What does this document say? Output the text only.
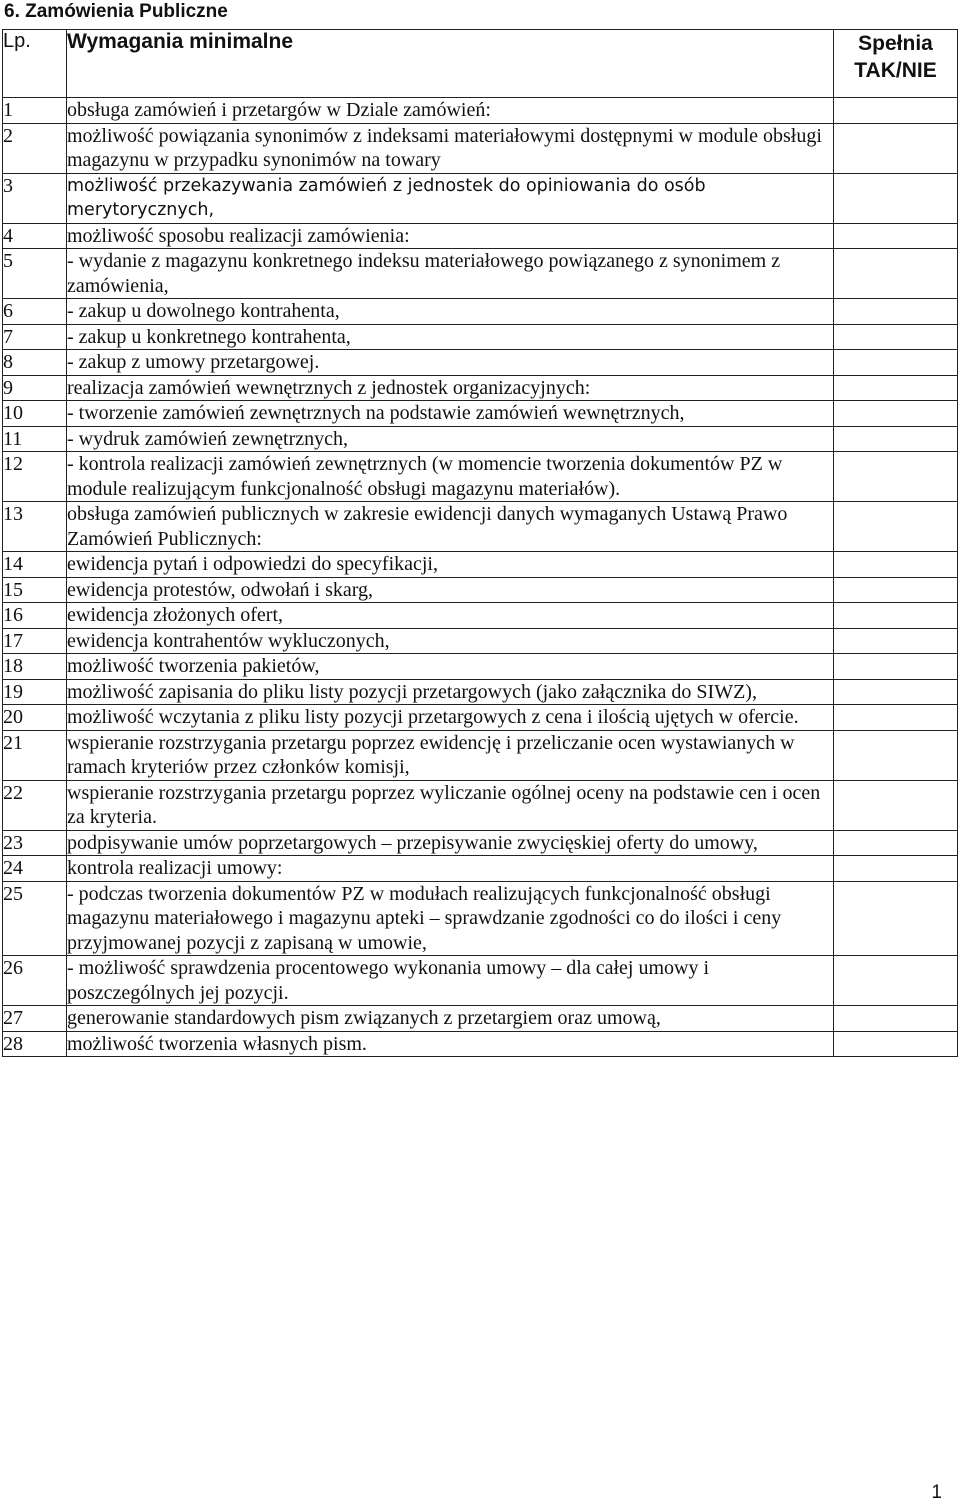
6. Zamówienia Publiczne
Lp.	Wymagania minimalne	Spełnia TAK/NIE
1	obsługa zamówień i przetargów w Dziale zamówień:	
2	możliwość powiązania synonimów z indeksami materiałowymi dostępnymi w module obsługi magazynu w przypadku synonimów na towary	
3	możliwość przekazywania zamówień z jednostek do opiniowania do osób merytorycznych,	
4	możliwość sposobu realizacji zamówienia:	
5	- wydanie z magazynu konkretnego indeksu materiałowego powiązanego z synonimem z zamówienia,	
6	- zakup u dowolnego kontrahenta,	
7	- zakup u konkretnego kontrahenta,	
8	- zakup z umowy przetargowej.	
9	realizacja zamówień wewnętrznych z jednostek organizacyjnych:	
10	- tworzenie zamówień zewnętrznych na podstawie zamówień wewnętrznych,	
11	- wydruk zamówień zewnętrznych,	
12	- kontrola realizacji zamówień zewnętrznych (w momencie tworzenia dokumentów PZ w module realizującym funkcjonalność obsługi magazynu materiałów).	
13	obsługa zamówień publicznych w zakresie ewidencji danych wymaganych Ustawą Prawo Zamówień Publicznych:	
14	ewidencja pytań i odpowiedzi do specyfikacji,	
15	ewidencja protestów, odwołań i skarg,	
16	ewidencja złożonych ofert,	
17	ewidencja kontrahentów wykluczonych,	
18	możliwość tworzenia pakietów,	
19	możliwość zapisania do pliku listy pozycji przetargowych (jako załącznika do SIWZ),	
20	możliwość wczytania z pliku listy pozycji przetargowych z cena i ilością ujętych w ofercie.	
21	wspieranie rozstrzygania przetargu poprzez ewidencję i przeliczanie ocen wystawianych w ramach kryteriów przez członków komisji,	
22	wspieranie rozstrzygania przetargu poprzez wyliczanie ogólnej oceny na podstawie cen i ocen za kryteria.	
23	podpisywanie umów poprzetargowych – przepisywanie zwycięskiej oferty do umowy,	
24	kontrola realizacji umowy:	
25	- podczas tworzenia dokumentów PZ w modułach realizujących funkcjonalność obsługi magazynu materiałowego i magazynu apteki – sprawdzanie zgodności co do ilości i ceny przyjmowanej pozycji z zapisaną w umowie,	
26	- możliwość sprawdzenia procentowego wykonania umowy – dla całej umowy i poszczególnych jej pozycji.	
27	generowanie standardowych pism związanych z przetargiem oraz umową,	
28	możliwość tworzenia własnych pism.	
1
